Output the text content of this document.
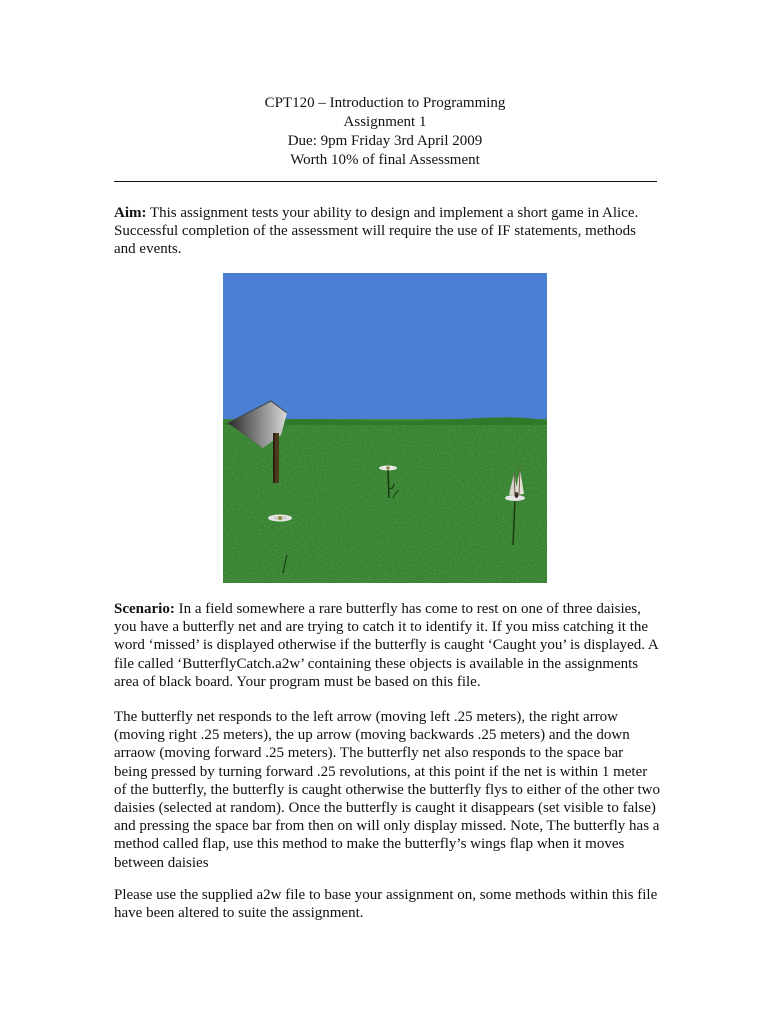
CPT120 – Introduction to Programming
Assignment 1
Due: 9pm Friday 3rd April 2009
Worth 10% of final Assessment

Aim: This assignment tests your ability to design and implement a short game in Alice. Successful completion of the assessment will require the use of IF statements, methods and events.

Scenario: In a field somewhere a rare butterfly has come to rest on one of three daisies, you have a butterfly net and are trying to catch it to identify it. If you miss catching it the word ‘missed’ is displayed otherwise if the butterfly is caught ‘Caught you’ is displayed. A file called ‘ButterflyCatch.a2w’ containing these objects is available in the assignments area of black board. Your program must be based on this file.

The butterfly net responds to the left arrow (moving left .25 meters), the right arrow (moving right .25 meters), the up arrow (moving backwards .25 meters) and the down arraow (moving forward .25 meters). The butterfly net also responds to the space bar being pressed by turning forward .25 revolutions, at this point if the net is within 1 meter of the butterfly, the butterfly is caught otherwise the butterfly flys to either of the other two daisies (selected at random). Once the butterfly is caught it disappears (set visible to false) and pressing the space bar from then on will only display missed. Note, The butterfly has a method called flap, use this method to make the butterfly’s wings flap when it moves between daisies

Please use the supplied a2w file to base your assignment on, some methods within this file have been altered to suite the assignment.
